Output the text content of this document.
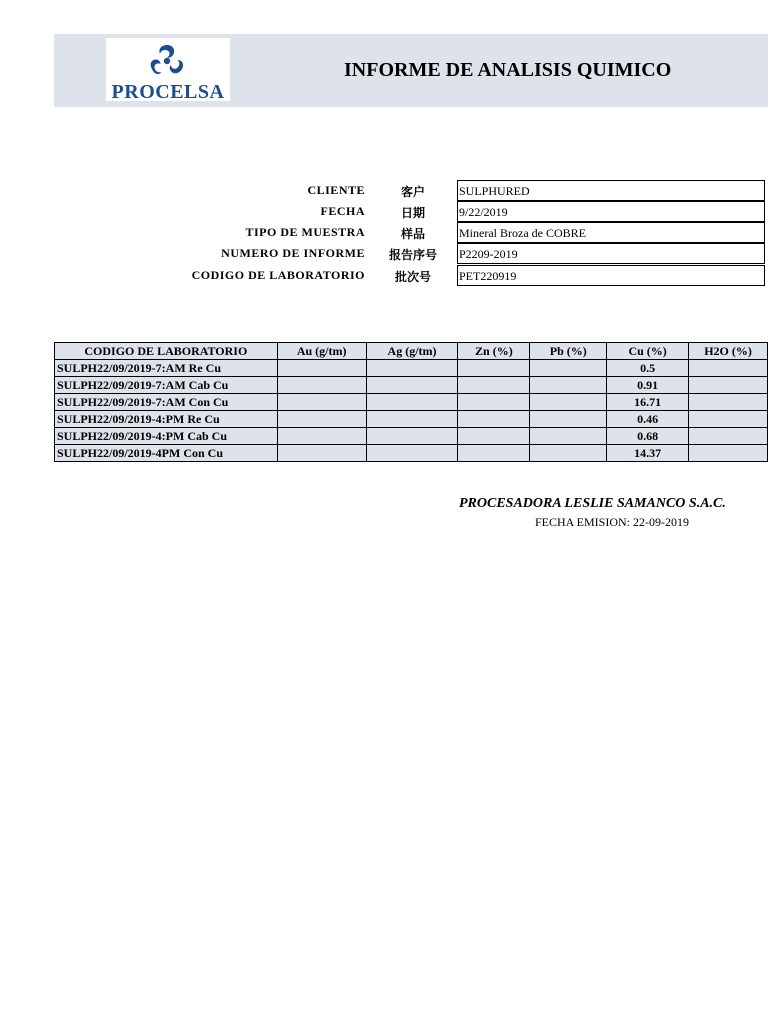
PROCELSA
INFORME DE ANALISIS QUIMICO
CLIENTE	客户	SULPHURED
FECHA	日期	9/22/2019
TIPO DE MUESTRA	样品	Mineral Broza de COBRE
NUMERO DE INFORME	报告序号	P2209-2019
CODIGO DE LABORATORIO	批次号	PET220919
CODIGO DE LABORATORIO	Au (g/tm)	Ag (g/tm)	Zn (%)	Pb (%)	Cu (%)	H2O (%)
SULPH22/09/2019-7:AM Re Cu					0.5	
SULPH22/09/2019-7:AM Cab Cu					0.91	
SULPH22/09/2019-7:AM Con Cu					16.71	
SULPH22/09/2019-4:PM Re Cu					0.46	
SULPH22/09/2019-4:PM Cab Cu					0.68	
SULPH22/09/2019-4PM Con Cu					14.37	
PROCESADORA LESLIE SAMANCO S.A.C.
FECHA EMISION: 22-09-2019
